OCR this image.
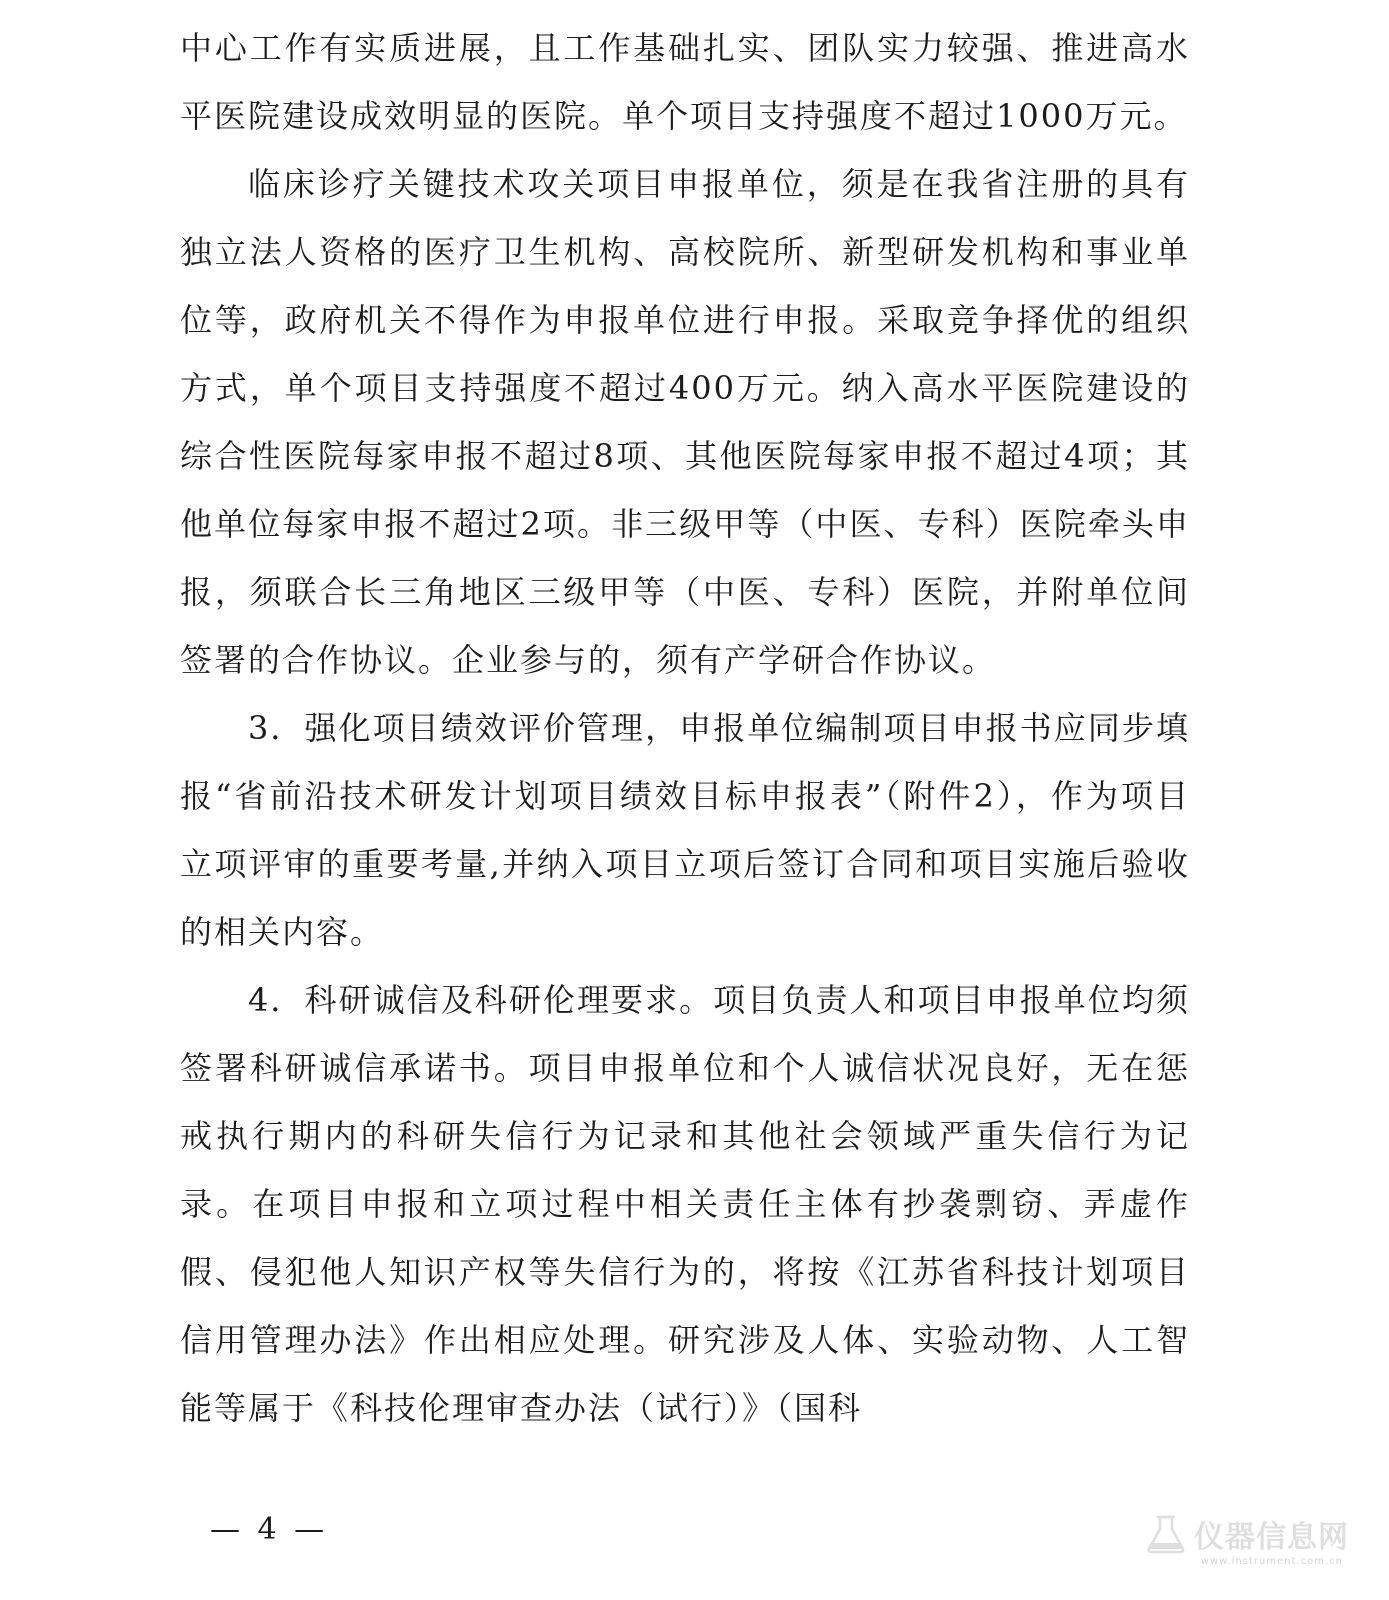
中心工作有实质进展，且工作基础扎实、团队实力较强、推进高水平医院建设成效明显的医院。单个项目支持强度不超过1000万元。

临床诊疗关键技术攻关项目申报单位，须是在我省注册的具有独立法人资格的医疗卫生机构、高校院所、新型研发机构和事业单位等，政府机关不得作为申报单位进行申报。采取竞争择优的组织方式，单个项目支持强度不超过400万元。纳入高水平医院建设的综合性医院每家申报不超过8项、其他医院每家申报不超过4项；其他单位每家申报不超过2项。非三级甲等（中医、专科）医院牵头申报，须联合长三角地区三级甲等（中医、专科）医院，并附单位间签署的合作协议。企业参与的，须有产学研合作协议。

3．强化项目绩效评价管理，申报单位编制项目申报书应同步填报“省前沿技术研发计划项目绩效目标申报表”（附件2），作为项目立项评审的重要考量,并纳入项目立项后签订合同和项目实施后验收的相关内容。

4．科研诚信及科研伦理要求。项目负责人和项目申报单位均须签署科研诚信承诺书。项目申报单位和个人诚信状况良好，无在惩戒执行期内的科研失信行为记录和其他社会领域严重失信行为记录。在项目申报和立项过程中相关责任主体有抄袭剽窃、弄虚作假、侵犯他人知识产权等失信行为的，将按《江苏省科技计划项目信用管理办法》作出相应处理。研究涉及人体、实验动物、人工智能等属于《科技伦理审查办法（试行）》（国科

— 4 —	仪器信息网
www.instrument.com.cn
